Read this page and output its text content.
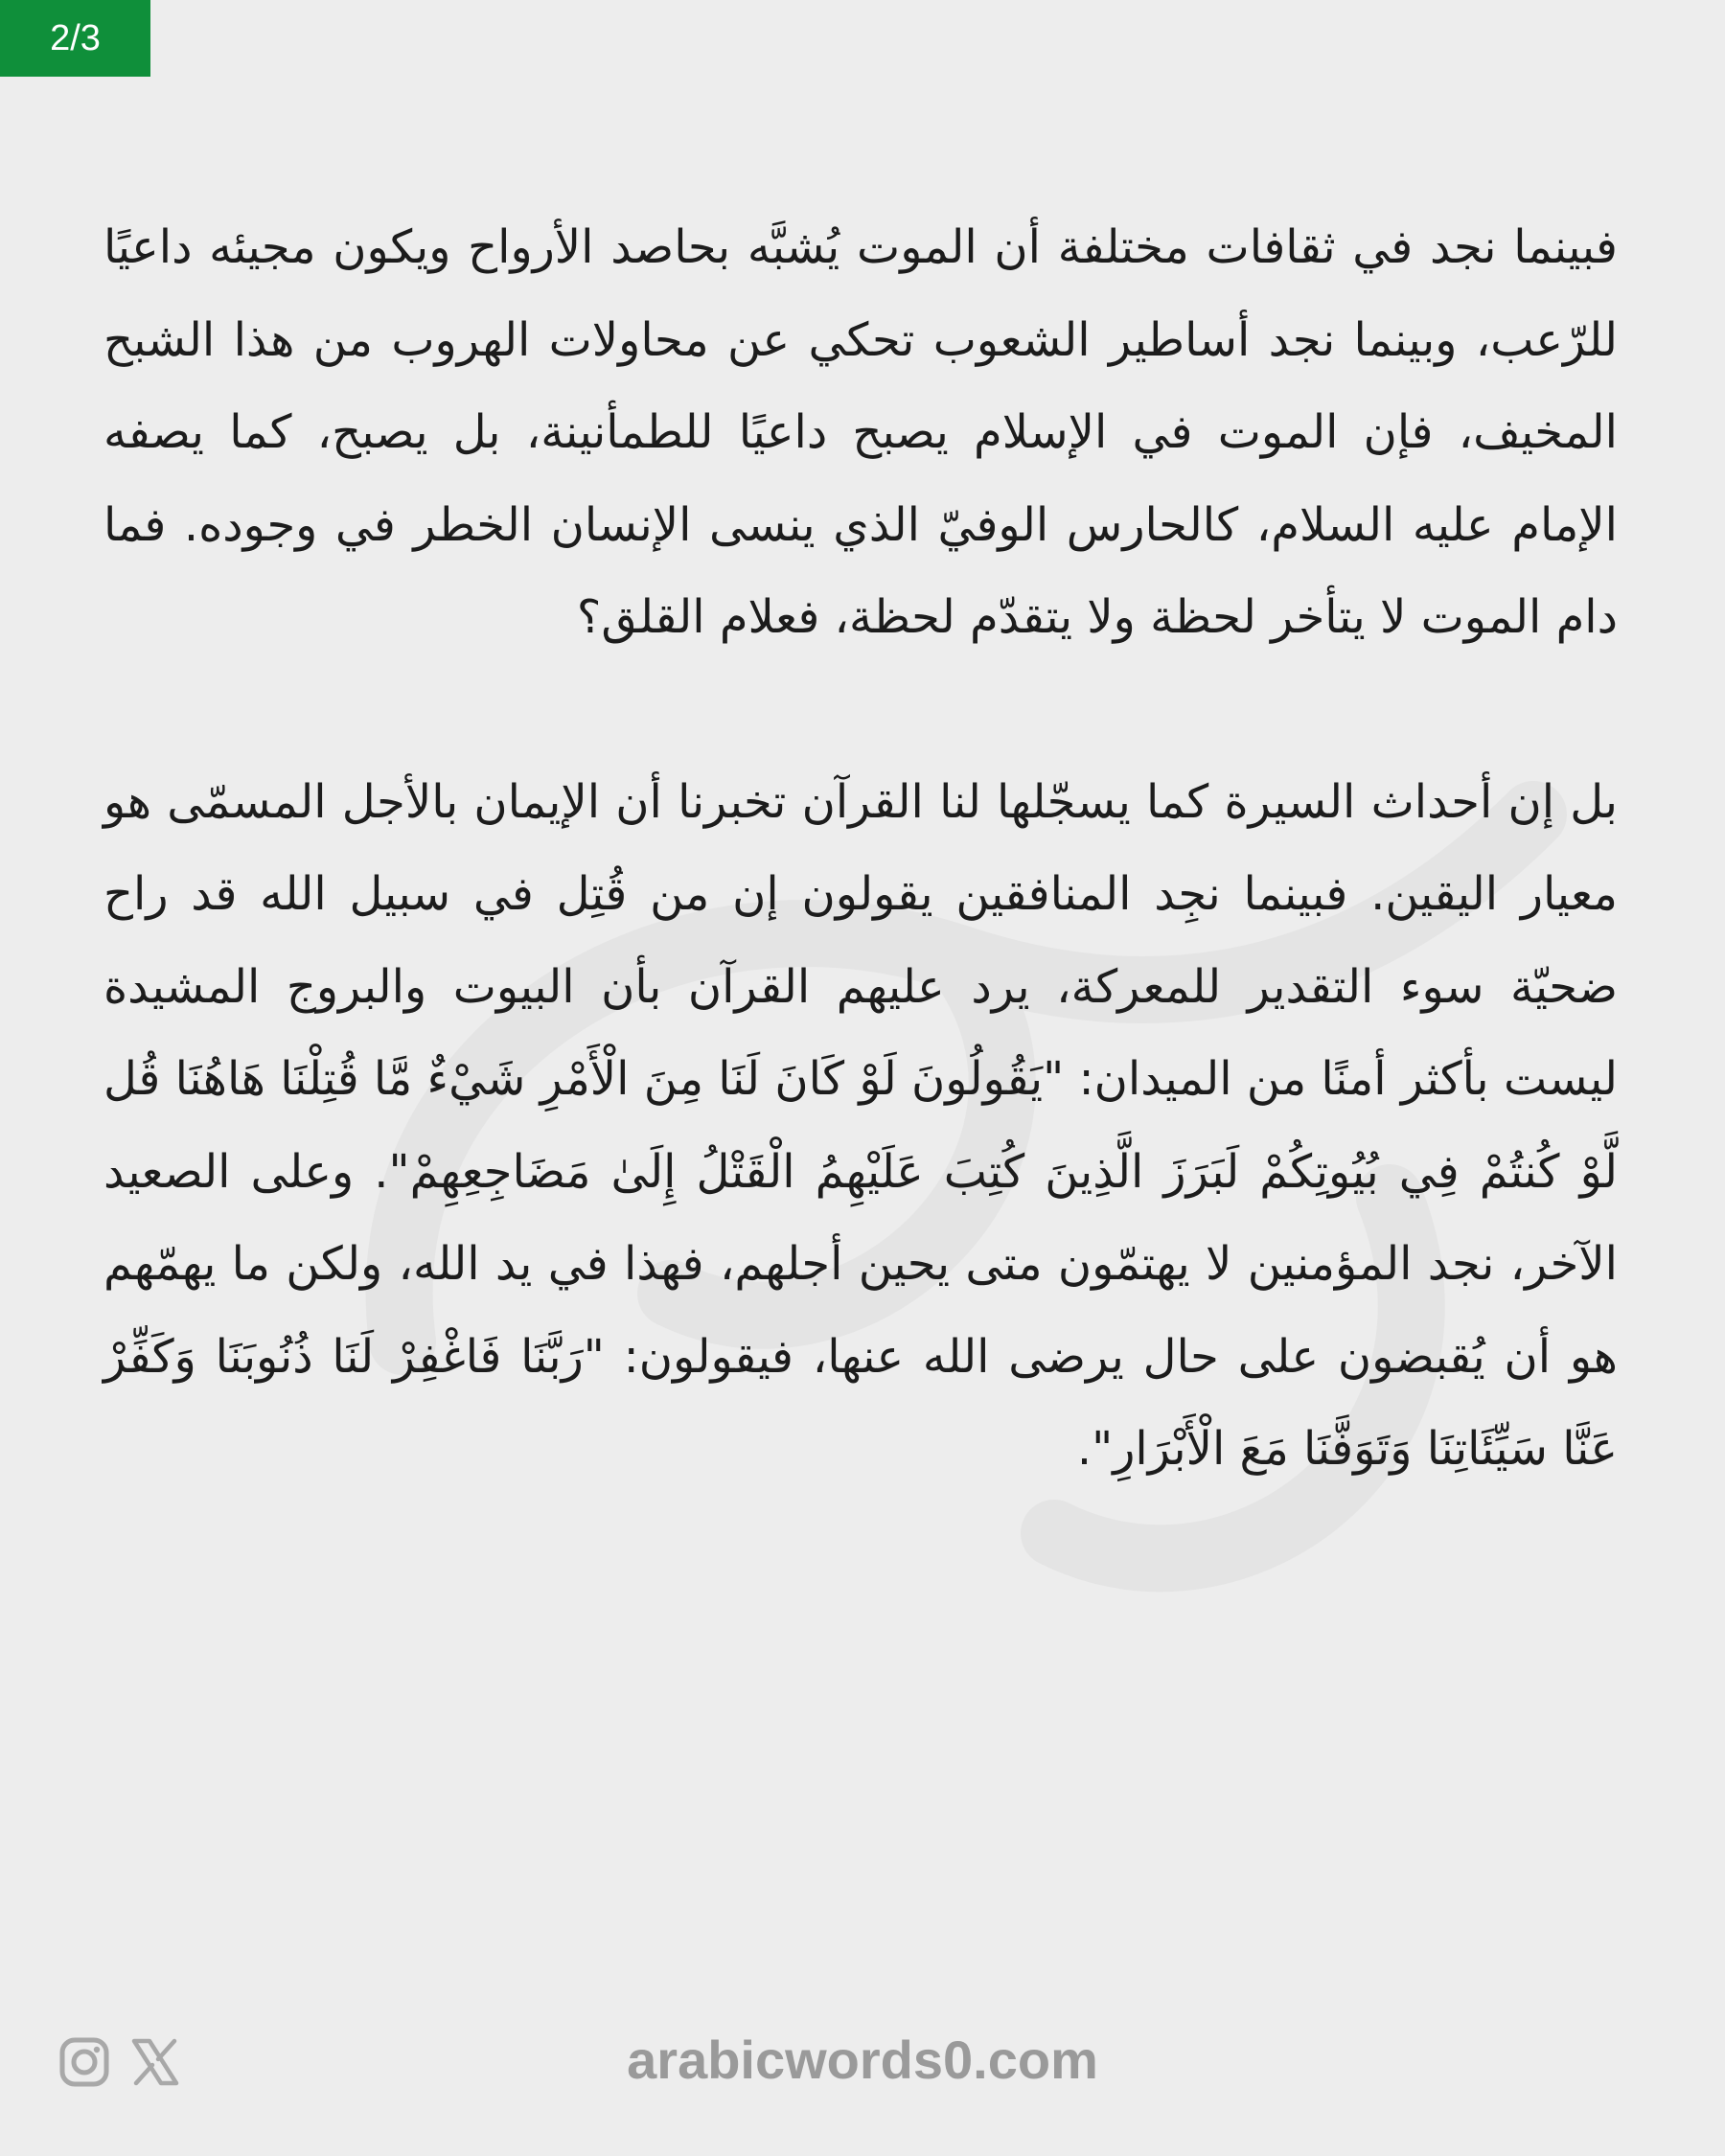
2/3

فبينما نجد في ثقافات مختلفة أن الموت يُشبَّه بحاصد الأرواح ويكون مجيئه داعيًا للرّعب، وبينما نجد أساطير الشعوب تحكي عن محاولات الهروب من هذا الشبح المخيف، فإن الموت في الإسلام يصبح داعيًا للطمأنينة، بل يصبح، كما يصفه الإمام عليه السلام، كالحارس الوفيّ الذي ينسى الإنسان الخطر في وجوده. فما دام الموت لا يتأخر لحظة ولا يتقدّم لحظة، فعلام القلق؟

بل إن أحداث السيرة كما يسجّلها لنا القرآن تخبرنا أن الإيمان بالأجل المسمّى هو معيار اليقين. فبينما نجِد المنافقين يقولون إن من قُتِل في سبيل الله قد راح ضحيّة سوء التقدير للمعركة، يرد عليهم القرآن بأن البيوت والبروج المشيدة ليست بأكثر أمنًا من الميدان: "يَقُولُونَ لَوْ كَانَ لَنَا مِنَ الْأَمْرِ شَيْءٌ مَّا قُتِلْنَا هَاهُنَا قُل لَّوْ كُنتُمْ فِي بُيُوتِكُمْ لَبَرَزَ الَّذِينَ كُتِبَ عَلَيْهِمُ الْقَتْلُ إِلَىٰ مَضَاجِعِهِمْ". وعلى الصعيد الآخر، نجد المؤمنين لا يهتمّون متى يحين أجلهم، فهذا في يد الله، ولكن ما يهمّهم هو أن يُقبضون على حال يرضى الله عنها، فيقولون: "رَبَّنَا فَاغْفِرْ لَنَا ذُنُوبَنَا وَكَفِّرْ عَنَّا سَيِّئَاتِنَا وَتَوَفَّنَا مَعَ الْأَبْرَارِ".

arabicwords0.com
